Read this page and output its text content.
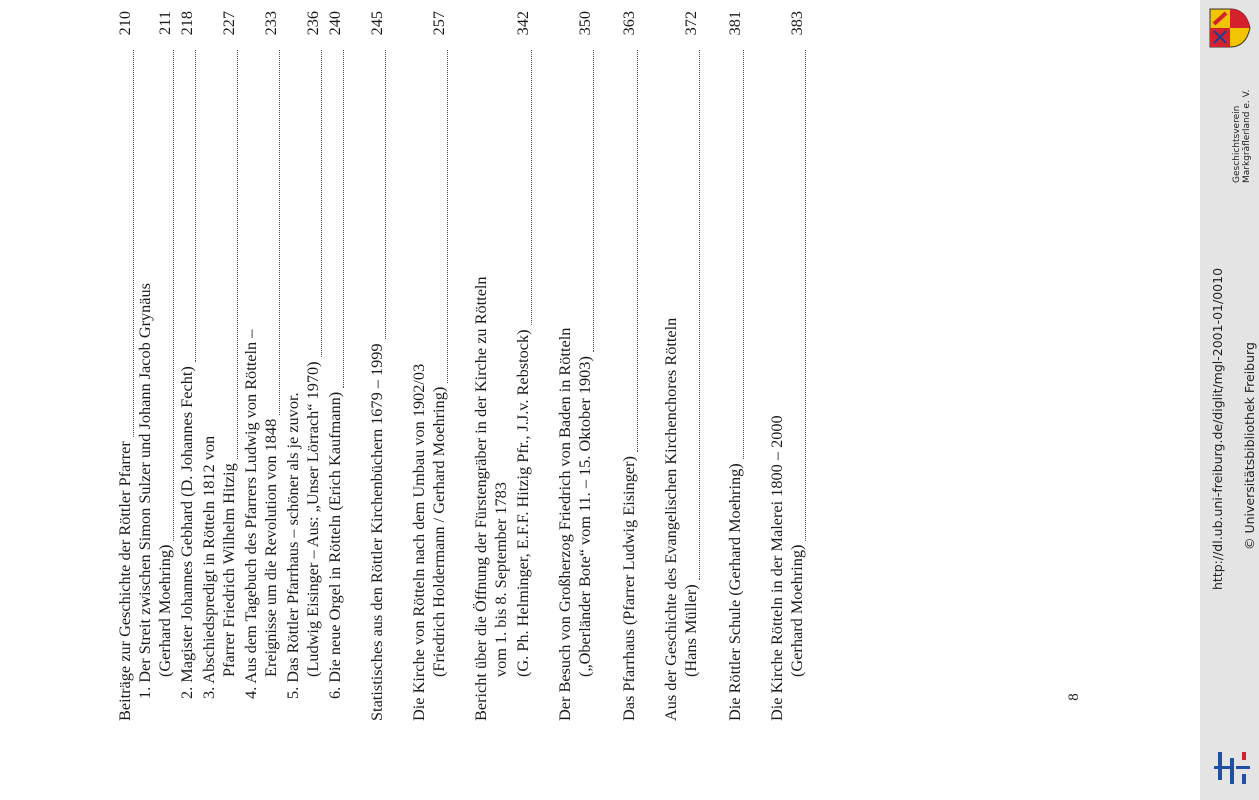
Beiträge zur Geschichte der Röttler Pfarrer
210
1. Der Streit zwischen Simon Sulzer und Johann Jacob Grynäus (Gerhard Moehring)
211
2. Magister Johannes Gebhard (D. Johannes Fecht)
218
3. Abschiedspredigt in Rötteln 1812 von Pfarrer Friedrich Wilhelm Hitzig
227
4. Aus dem Tagebuch des Pfarrers Ludwig von Rötteln – Ereignisse um die Revolution von 1848
233
5. Das Röttler Pfarrhaus – schöner als je zuvor. (Ludwig Eisinger – Aus: „Unser Lörrach“ 1970)
236
6. Die neue Orgel in Rötteln (Erich Kaufmann)
240
Statistisches aus den Röttler Kirchenbüchern 1679 – 1999
245
Die Kirche von Rötteln nach dem Umbau von 1902/03 (Friedrich Holdermann / Gerhard Moehring)
257
Bericht über die Öffnung der Fürstengräber in der Kirche zu Rötteln vom 1. bis 8. September 1783 (G. Ph. Helminger, E.F.F. Hitzig Pfr., J.J.v. Rebstock)
342
Der Besuch von Großherzog Friedrich von Baden in Rötteln („Oberländer Bote“ vom 11. – 15. Oktober 1903)
350
Das Pfarrhaus (Pfarrer Ludwig Eisinger)
363
Aus der Geschichte des Evangelischen Kirchenchores Rötteln (Hans Müller)
372
Die Röttler Schule (Gerhard Moehring)
381
Die Kirche Rötteln in der Malerei 1800 – 2000 (Gerhard Moehring)
383
8
http://dl.ub.uni-freiburg.de/diglit/mgl-2001-01/0010 © Universitätsbibliothek Freiburg
Geschichtsverein Markgräflerland e. V.
